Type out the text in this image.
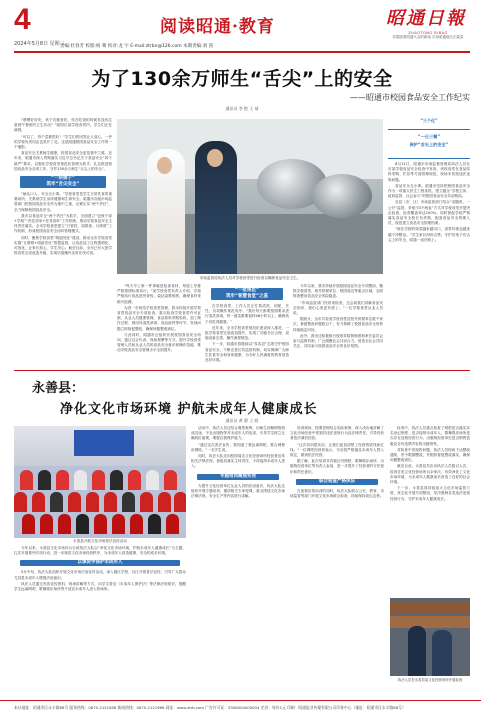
4
2024年5月8日 星期三
阅读昭通·教育	昭通日報
ZHAOTONG RIBAO
彩霞版看昭通大众的新闻 弘扬昭通地区正能量
责编:杜春芳 校版:杨 骞 校对:龙 宇 E-mail:ztrbn@126.com 本期责编:刘 茜
为了130余万师生“舌尖”上的安全
——昭通市校园食品安全工作纪实
通讯员 李 艳 王 靖

“嗯嗯好好吃，孩子们都爱吃，你在吃饭的时候有没有注意到午餐里的卫生状况？”昭阳区某学校食堂内，学生们正在就餐。

“可以了，每个菜都很好！”学生们的回答让人放心，一旁的学校负责同志也笑开了花。这是昭通校园食品安全工作的一个缩影。

食品安全关系师生健康，校园食品安全更是重中之重。近年来，昭通市深入贯彻落实习近平总书记关于食品安全“四个最严”要求，以强化学校食堂规范化管理为抓手，扎实推进校园食品安全各项工作，守护130余万师生“舌尖上的安全”。

“一块牌子”
筑牢“舌尖安全”

“病从口入，安全无小事。”学校食堂是学生日常饮食的重要场所，关系到学生身体健康和生命安全。昭通市各级市场监管部门把校园食品安全作为重中之重，压紧压实“两个责任”，全力保障校园食品安全。

我市以食品安全“两个责任”为抓手，全面建立“包保干部+学校”“责任清单+任务清单”工作机制，推动学校食品安全主体责任落实。全市学校食堂建立“日管控、周排查、月调度”工作机制，形成校园食品安全闭环管理模式。

同时，聚焦学校食堂“明厨亮灶”建设，推动全市学校食堂实施“互联网+明厨亮灶”智慧监管，让食品加工过程透明化、可视化，让家长放心、学生安心。截至目前，全市已有大批学校食堂完成改造升级，实现后厨操作实时在线可视。

市场监管局执法人员对学校食堂进行检查以确保食品安全卫生。
“三个化”
“一日三餐”
保护“舌尖上的安全”

6月11日，昭通市市场监督管理局执法人员在市某学校食品安全检查中发现，该校食堂在食品原料采购、贮存等方面管理规范，现场未发现违法违规问题。

食品安全无小事。昭通市坚持把校园食品安全作为一项重大民生工程来抓，建立健全“学校主体、政府监管、社会参与”的校园食品安全共治格局。

各县（市、区）市场监管部门结合“双随机、一公开”监管，采取“四不两直”方式对学校食堂开展突击检查，检查覆盖率达100%。同时督促学校严格落实食品安全校长负责制，配备食品安全管理人员，规范建立食品安全管理档案。

“现在学校的饭菜越来越可口，食堂环境也越来越干净整洁。”学生家长纷纷点赞。守护好孩子们舌尖上的安全，昭通一直在路上。

“每天早上第一件事就是检查食材，每道工序都严格按照标准执行。”某学校食堂负责人介绍，学校严格执行食品进货查验、索证索票制度，确保食材来源可追溯。

为进一步规范学校食堂管理，我市持续开展学校食堂食品安全专项检查，重点检查学校食堂许可证照、从业人员健康管理、食品原料采购验收、加工制作过程、餐用具清洗消毒、食品留样等环节，发现问题立即督促整改，确保问题整改到位。

与此同时，昭通市还组织开展校园食品安全培训，通过以会代训、现场观摩等方式，提升学校食堂管理人员和从业人员的食品安全意识和操作技能，推动学校食品安全管理水平全面提升。

“一批规范”
筑牢“智慧食堂”之基

在学校食堂，工作人员正忙着清洗、切配、烹饪，各项操作规范有序。“我们每天都要按照要求进行清洗消毒，每一道菜都要留样48小时以上，确保孩子们吃得健康。”

近年来，全市学校食堂规范化建设深入推进，一批学校食堂完成改造提升，实现了功能分区合理、设施设备完善、操作流程规范。

下一步，昭通市将继续以“零容忍”态度守护校园食品安全，不断完善长效监管机制，切实保障广大师生饮食安全和身体健康，为办好人民满意的教育营造良好环境。

今年以来，我市持续开展校园食品安全专项整治，聚焦学校食堂、校外供餐单位、校园周边等重点区域，全面排查整治食品安全风险隐患。

“市场监管部门经常来检查，还会给我们讲解食品安全知识，我们心里更有底了。”一位学校食堂从业人员说。

据统计，全市共检查学校食堂及校外供餐单位数千家次，督促整改问题数百个，有力保障了校园食品安全形势持续稳定向好。

此外，我市还积极推行校领导陪餐制度和家长委员会参与监督机制，广泛凝聚社会共治合力，营造全社会共同关注、共同参与校园食品安全的良好氛围。

永善县：
净化文化市场环境 护航未成年人健康成长
通讯员 黄 静 王 皓
永善县开展文化市场普法宣传活动

今年以来，永善县文化市场综合行政执法大队以“净化文化市场环境，护航未成年人健康成长”为主题，扎实开展系列专项行动，进一步规范文化市场经营秩序，为未成年人营造健康、安全的成长环境。

以课促学保护未成年人

5月中旬，执法大队组织开展文化市场法治宣传活动，深入辖区学校、社区开展普法宣传，引导广大群众尤其是未成年人增强法治意识。

执法人员通过发放宣传资料、现场讲解等方式，向学生普及《未成年人保护法》等法律法规知识，提醒学生远离网吧、歌舞娱乐场所等不适宜未成年人进入的场所。

活动中，执法人员还结合典型案例，向师生讲解网络游戏沉迷、不良出版物等对未成年人的危害，引导学生树立正确的价值观，增强自我保护能力。

“通过这次普法宣传，我知道了要远离网吧，要合理使用网络。”一名学生说。

同时，执法大队还向校园周边文化经营场所经营者宣传相关法律法规，督促其落实主体责任，不得接纳未成年人进入。

专题培训聚焦实效

为提升文化经营单位从业人员的法治意识，执法大队还组织开展专题培训，邀请相关专家授课，重点围绕文化市场法律法规、安全生产等内容进行讲解。

培训现场，授课老师结合实际案例，深入浅出地讲解了文化市场经营中常见的违法违规行为及法律责任，引导经营者依法诚信经营。

“这次培训很实用，让我们更加清楚了经营的底线和红线。”一位网吧经营者表示，今后将严格落实未成年人禁入规定，做到依法经营。

据了解，此次培训共有辖区内网吧、歌舞娱乐场所、出版物经营单位等负责人参加，进一步提升了经营者的守法意识和责任意识。

联合检查严格执法

在加强宣传培训的同时，执法大队联合公安、教育、市场监管等部门开展文化市场联合检查，持续保持高压态势。

检查中，执法人员重点检查了网吧是否落实实名登记制度、是否接纳未成年人，歌舞娱乐场所是否存在违规经营行为，出版物经营单位是否销售盗版及含有违禁内容的出版物等。

对检查中发现的问题，执法人员现场下达整改通知，责令限期整改，并跟踪督促整改落实，确保问题整改到位。

截至目前，永善县共出动执法人员数百人次，检查各类文化经营场所百余家次，有效净化了文化市场环境，为未成年人健康成长营造了良好的社会环境。

下一步，永善县将持续加大文化市场监管力度，常态化开展专项整治，坚决遏制各类违法违规经营行为，守护未成年人健康成长。

执法人员在永善县某文化经营场所开展检查
本社地址：昭通市区永丰路88号 服务热线：0870-2151858 新闻热线：0870-2121666 网址：www.ztrb.com 广告许可证：5306004000004 定价：每份1元 印刷：昭通报业传媒有限公司印务中心（地址：昭通市区永丰路88号）
